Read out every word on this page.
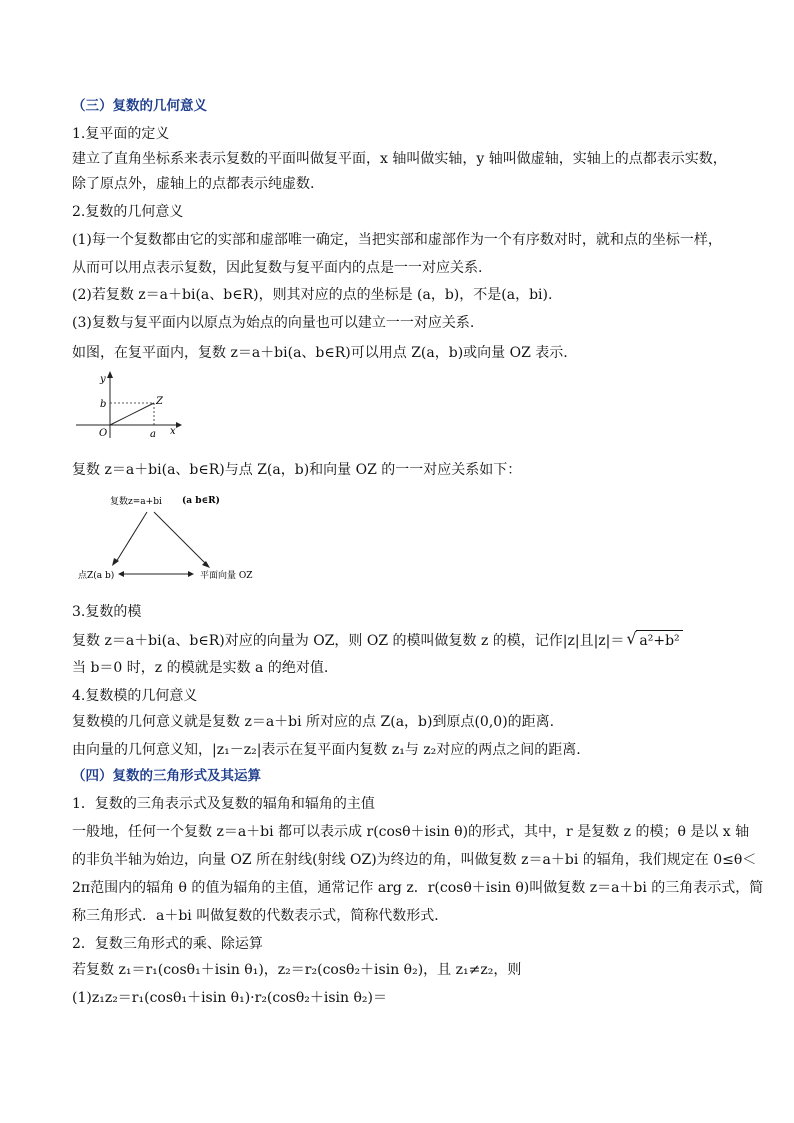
（三）复数的几何意义
1.复平面的定义
建立了直角坐标系来表示复数的平面叫做复平面，x 轴叫做实轴，y 轴叫做虚轴，实轴上的点都表示实数，
除了原点外，虚轴上的点都表示纯虚数.
2.复数的几何意义
(1)每一个复数都由它的实部和虚部唯一确定，当把实部和虚部作为一个有序数对时，就和点的坐标一样，
从而可以用点表示复数，因此复数与复平面内的点是一一对应关系.
(2)若复数 z＝a＋bi(a、b∈R)，则其对应的点的坐标是 (a，b)，不是(a，bi).
(3)复数与复平面内以原点为始点的向量也可以建立一一对应关系.
如图，在复平面内，复数 z＝a＋bi(a、b∈R)可以用点 Z(a，b)或向量 OZ 表示.
y
b	Z
O	a x
复数 z＝a＋bi(a、b∈R)与点 Z(a，b)和向量 OZ 的一一对应关系如下：
复数z=a+bi (a b∈R)
点Z(a b)	平面向量 OZ
3.复数的模
复数 z＝a＋bi(a、b∈R)对应的向量为 OZ，则 OZ 的模叫做复数 z 的模，记作|z|且|z|＝ √ a²+b²
当 b＝0 时，z 的模就是实数 a 的绝对值.
4.复数模的几何意义
复数模的几何意义就是复数 z＝a＋bi 所对应的点 Z(a，b)到原点(0,0)的距离.
由向量的几何意义知，|z₁－z₂|表示在复平面内复数 z₁与 z₂对应的两点之间的距离.
（四）复数的三角形式及其运算
1．复数的三角表示式及复数的辐角和辐角的主值
一般地，任何一个复数 z＝a＋bi 都可以表示成 r(cosθ＋isin θ)的形式，其中，r 是复数 z 的模；θ 是以 x 轴
的非负半轴为始边，向量 OZ 所在射线(射线 OZ)为终边的角，叫做复数 z＝a＋bi 的辐角，我们规定在 0≤θ＜
2π范围内的辐角 θ 的值为辐角的主值，通常记作 arg z．r(cosθ＋isin θ)叫做复数 z＝a＋bi 的三角表示式，简
称三角形式．a＋bi 叫做复数的代数表示式，简称代数形式．
2．复数三角形式的乘、除运算
若复数 z₁＝r₁(cosθ₁＋isin θ₁)，z₂＝r₂(cosθ₂＋isin θ₂)，且 z₁≠z₂，则
(1)z₁z₂＝r₁(cosθ₁＋isin θ₁)·r₂(cosθ₂＋isin θ₂)＝
